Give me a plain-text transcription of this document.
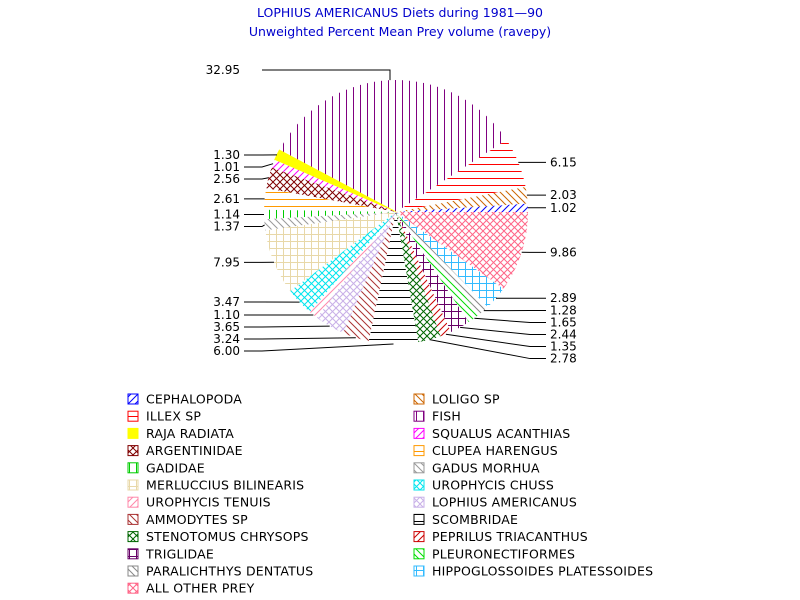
LOPHIUS AMERICANUS Diets during 1981—90
Unweighted Percent Mean Prey volume (ravepy)
6.15
2.03
1.02
9.86
2.89
1.28
1.65
2.44
1.35
2.78
32.95
1.30
1.01
2.56
2.61
1.14
1.37
7.95
3.47
1.10
3.65
3.24
6.00
CEPHALOPODA	LOLIGO SP
ILLEX SP	FISH
RAJA RADIATA	SQUALUS ACANTHIAS
ARGENTINIDAE	CLUPEA HARENGUS
GADIDAE	GADUS MORHUA
MERLUCCIUS BILINEARIS	UROPHYCIS CHUSS
UROPHYCIS TENUIS	LOPHIUS AMERICANUS
AMMODYTES SP	SCOMBRIDAE
STENOTOMUS CHRYSOPS	PEPRILUS TRIACANTHUS
TRIGLIDAE	PLEURONECTIFORMES
PARALICHTHYS DENTATUS	HIPPOGLOSSOIDES PLATESSOIDES
ALL OTHER PREY
